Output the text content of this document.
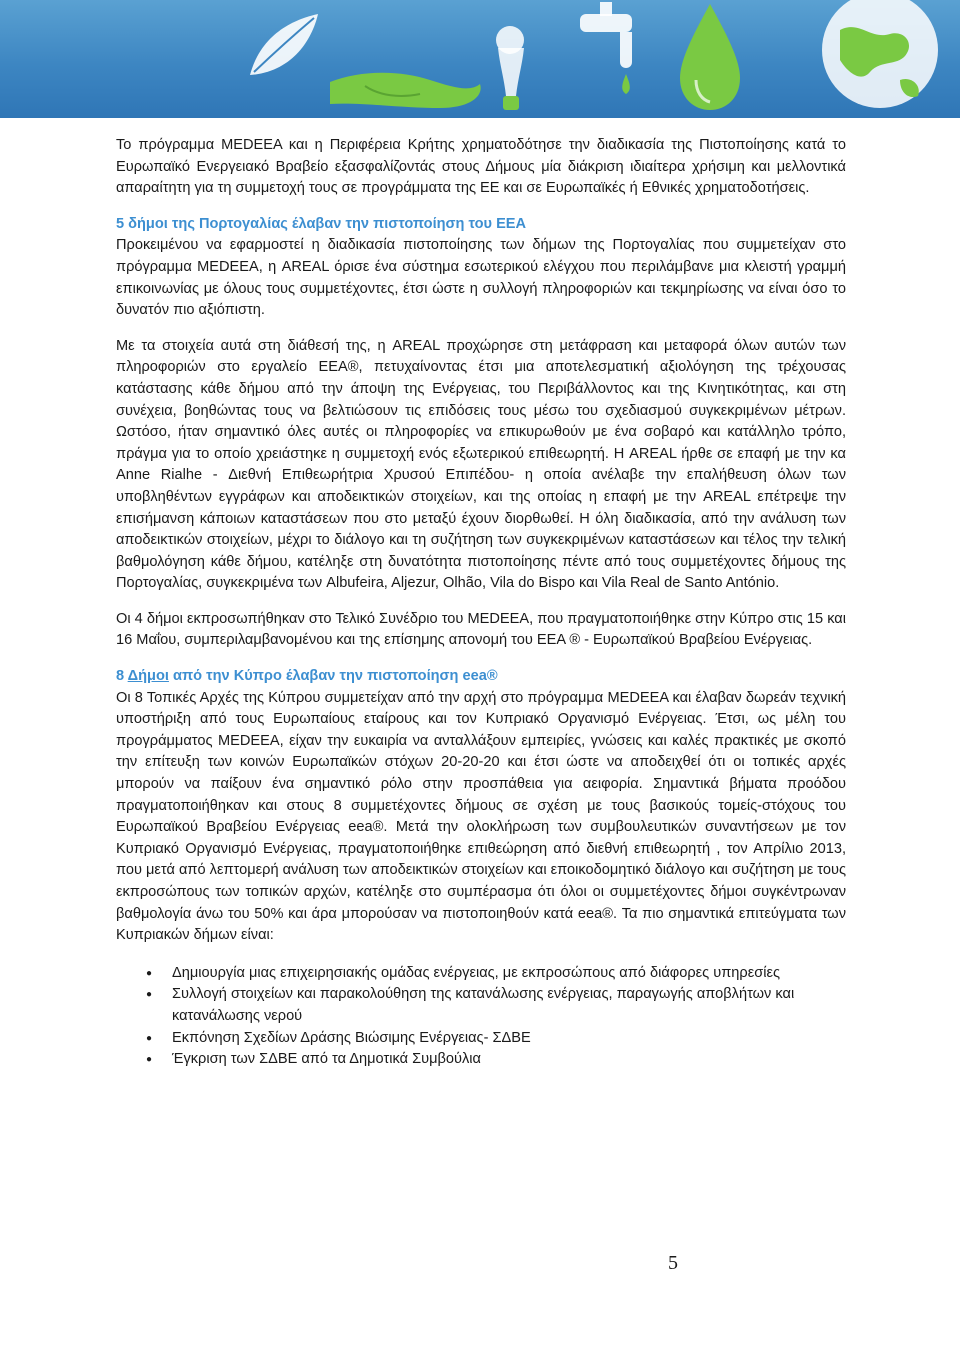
Το πρόγραμμα MEDEEA και η Περιφέρεια Κρήτης χρηματοδότησε την διαδικασία της Πιστοποίησης κατά το Ευρωπαϊκό Ενεργειακό Βραβείο εξασφαλίζοντάς στους Δήμους μία διάκριση ιδιαίτερα χρήσιμη και μελλοντικά απαραίτητη για τη συμμετοχή τους σε προγράμματα της ΕΕ και σε Ευρωπαϊκές ή Εθνικές χρηματοδοτήσεις.

5 δήμοι της Πορτογαλίας έλαβαν την πιστοποίηση του ΕΕΑ

Προκειμένου να εφαρμοστεί η διαδικασία πιστοποίησης των δήμων της Πορτογαλίας που συμμετείχαν στο πρόγραμμα MEDEEA, η AREAL όρισε ένα σύστημα εσωτερικού ελέγχου που περιλάμβανε μια κλειστή γραμμή επικοινωνίας με όλους τους συμμετέχοντες, έτσι ώστε η συλλογή πληροφοριών και τεκμηρίωσης να είναι όσο το δυνατόν πιο αξιόπιστη.

Με τα στοιχεία αυτά στη διάθεσή της, η AREAL προχώρησε στη μετάφραση και μεταφορά όλων αυτών των πληροφοριών στο εργαλείο ΕΕΑ®, πετυχαίνοντας έτσι μια αποτελεσματική αξιολόγηση της τρέχουσας κατάστασης κάθε δήμου από την άποψη της Ενέργειας, του Περιβάλλοντος και της Κινητικότητας, και στη συνέχεια, βοηθώντας τους να βελτιώσουν τις επιδόσεις τους μέσω του σχεδιασμού συγκεκριμένων μέτρων. Ωστόσο, ήταν σημαντικό όλες αυτές οι πληροφορίες να επικυρωθούν με ένα σοβαρό και κατάλληλο τρόπο, πράγμα για το οποίο χρειάστηκε η συμμετοχή ενός εξωτερικού επιθεωρητή. Η AREAL ήρθε σε επαφή με την κα Anne Rialhe - Διεθνή Επιθεωρήτρια Χρυσού Επιπέδου- η οποία ανέλαβε την επαλήθευση όλων των υποβληθέντων εγγράφων και αποδεικτικών στοιχείων, και της οποίας η επαφή με την AREAL επέτρεψε την επισήμανση κάποιων καταστάσεων που στο μεταξύ έχουν διορθωθεί. Η όλη διαδικασία, από την ανάλυση των αποδεικτικών στοιχείων, μέχρι το διάλογο και τη συζήτηση των συγκεκριμένων καταστάσεων και τέλος την τελική βαθμολόγηση κάθε δήμου, κατέληξε στη δυνατότητα πιστοποίησης πέντε από τους συμμετέχοντες δήμους της Πορτογαλίας, συγκεκριμένα των Albufeira, Aljezur, Olhão, Vila do Bispo και Vila Real de Santo António.

Οι 4 δήμοι εκπροσωπήθηκαν στο Τελικό Συνέδριο του MEDEEA, που πραγματοποιήθηκε στην Κύπρο στις 15 και 16 Μαΐου, συμπεριλαμβανομένου και της επίσημης απονομή του ΕΕΑ ® - Ευρωπαϊκού Βραβείου Ενέργειας.

8 Δήμοι από την Κύπρο έλαβαν την πιστοποίηση eea®

Οι 8 Τοπικές Αρχές της Κύπρου συμμετείχαν από την αρχή στο πρόγραμμα MEDEEA και έλαβαν δωρεάν τεχνική υποστήριξη από τους Ευρωπαίους εταίρους και τον Κυπριακό Οργανισμό Ενέργειας. Έτσι, ως μέλη του προγράμματος MEDEEA, είχαν την ευκαιρία να ανταλλάξουν εμπειρίες, γνώσεις και καλές πρακτικές με σκοπό την επίτευξη των κοινών Ευρωπαϊκών στόχων 20-20-20 και έτσι ώστε να αποδειχθεί ότι οι τοπικές αρχές μπορούν να παίξουν ένα σημαντικό ρόλο στην προσπάθεια για αειφορία. Σημαντικά βήματα προόδου πραγματοποιήθηκαν και στους 8 συμμετέχοντες δήμους σε σχέση με τους βασικούς τομείς-στόχους του Ευρωπαϊκού Βραβείου Ενέργειας eea®. Μετά την ολοκλήρωση των συμβουλευτικών συναντήσεων με τον Κυπριακό Οργανισμό Ενέργειας, πραγματοποιήθηκε επιθεώρηση από διεθνή επιθεωρητή , τον Απρίλιο 2013, που μετά από λεπτομερή ανάλυση των αποδεικτικών στοιχείων και εποικοδομητικό διάλογο και συζήτηση με τους εκπροσώπους των τοπικών αρχών, κατέληξε στο συμπέρασμα ότι όλοι οι συμμετέχοντες δήμοι συγκέντρωναν βαθμολογία άνω του 50% και άρα μπορούσαν να πιστοποιηθούν κατά eea®. Τα πιο σημαντικά επιτεύγματα των Κυπριακών δήμων είναι:

● Δημιουργία μιας επιχειρησιακής ομάδας ενέργειας, με εκπροσώπους από διάφορες υπηρεσίες
● Συλλογή στοιχείων και παρακολούθηση της κατανάλωσης ενέργειας, παραγωγής αποβλήτων και κατανάλωσης νερού
● Εκπόνηση Σχεδίων Δράσης Βιώσιμης Ενέργειας- ΣΔΒΕ
● Έγκριση των ΣΔΒΕ από τα Δημοτικά Συμβούλια
5
